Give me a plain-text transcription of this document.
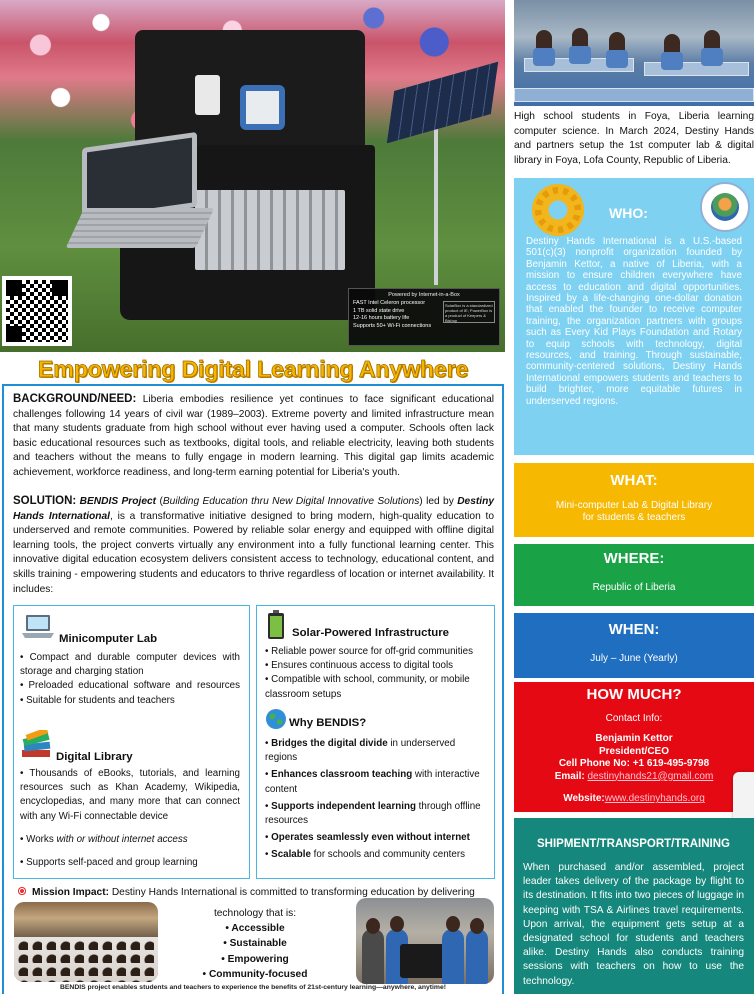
Powered by Internet-in-a-Box
FAST Intel Celeron processor
1 TB solid state drive
12-16 hours battery life
Supports 50+ Wi-Fi connections
SolarBox is a standardized product of IE; PowerBox is a product of Keepers & Bishop
High school students in Foya, Liberia learning computer science. In March 2024, Destiny Hands and partners setup the 1st computer lab & digital library in Foya, Lofa County, Republic of Liberia.
WHO:

Destiny Hands International is a U.S.-based 501(c)(3) nonprofit organization founded by Benjamin Kettor, a native of Liberia, with a mission to ensure children everywhere have access to education and digital opportunities. Inspired by a life-changing one-dollar donation that enabled the founder to receive computer training, the organization partners with groups such as Every Kid Plays Foundation and Rotary to equip schools with technology, digital resources, and training. Through sustainable, community-centered solutions, Destiny Hands International empowers students and teachers to build brighter, more equitable futures in underserved regions.

WHAT:

Mini-computer Lab & Digital Library
for students & teachers

WHERE:

Republic of Liberia

WHEN:

July – June (Yearly)

HOW MUCH?
Contact Info:
Benjamin Kettor
President/CEO
Cell Phone No: +1 619-495-9798
Email: destinyhands21@gmail.com
Website:www.destinyhands.org
SHIPMENT/TRANSPORT/TRAINING

When purchased and/or assembled, project leader takes delivery of the package by flight to its destination. It fits into two pieces of luggage in keeping with TSA & Airlines travel requirements. Upon arrival, the equipment gets setup at a designated school for students and teachers alike. Destiny Hands also conducts training sessions with teachers on how to use the technology.

Empowering Digital Learning Anywhere
BACKGROUND/NEED: Liberia embodies resilience yet continues to face significant educational challenges following 14 years of civil war (1989–2003). Extreme poverty and limited infrastructure mean that many students graduate from high school without ever having used a computer. Schools often lack basic educational resources such as textbooks, digital tools, and reliable electricity, leaving both students and teachers without the means to fully engage in modern learning. This digital gap limits academic achievement, workforce readiness, and long-term earning potential for Liberia's youth.
SOLUTION: BENDIS Project (Building Education thru New Digital Innovative Solutions) led by Destiny Hands International, is a transformative initiative designed to bring modern, high-quality education to underserved and remote communities. Powered by reliable solar energy and equipped with offline digital learning tools, the project converts virtually any environment into a fully functional learning center. This innovative digital education ecosystem delivers consistent access to technology, educational content, and skills training - empowering students and educators to thrive regardless of location or internet availability. It includes:
Minicomputer Lab
• Compact and durable computer devices with storage and charging station
• Preloaded educational software and resources
• Suitable for students and teachers
Digital Library
• Thousands of eBooks, tutorials, and learning resources such as Khan Academy, Wikipedia, encyclopedias, and many more that can connect with any Wi-Fi connectable device
• Works with or without internet access
• Supports self-paced and group learning
Solar-Powered Infrastructure
• Reliable power source for off-grid communities
• Ensures continuous access to digital tools
• Compatible with school, community, or mobile classroom setups
Why BENDIS?
• Bridges the digital divide in underserved regions
• Enhances classroom teaching with interactive content
• Supports independent learning through offline resources
• Operates seamlessly even without internet
• Scalable for schools and community centers
Mission Impact: Destiny Hands International is committed to transforming education by delivering
technology that is:
• Accessible
• Sustainable
• Empowering
• Community-focused
BENDIS project enables students and teachers to experience the benefits of 21st-century learning—anywhere, anytime!
